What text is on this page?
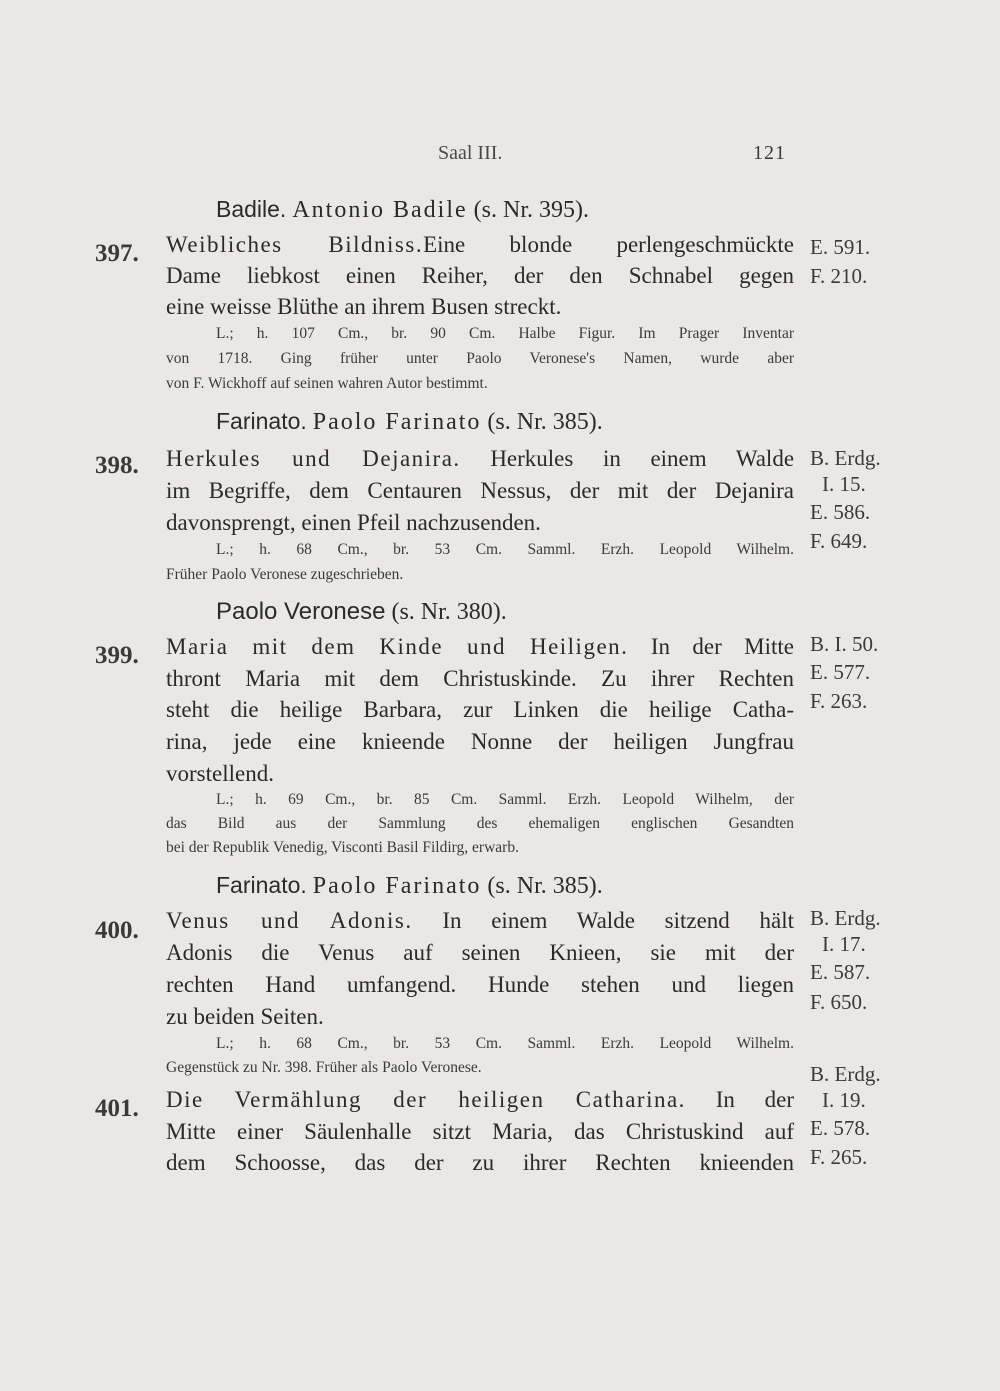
Saal III.	121
Badile. Antonio Badile (s. Nr. 395).
397. Weibliches Bildniss.Eine blonde perlengeschmückte
Dame liebkost einen Reiher, der den Schnabel gegen
eine weisse Blüthe an ihrem Busen streckt.
L.; h. 107 Cm., br. 90 Cm. Halbe Figur. Im Prager Inventar
von 1718. Ging früher unter Paolo Veronese's Namen, wurde aber
von F. Wickhoff auf seinen wahren Autor bestimmt.
E. 591.
F. 210.
Farinato. Paolo Farinato (s. Nr. 385).
398. Herkules und Dejanira. Herkules in einem Walde
im Begriffe, dem Centauren Nessus, der mit der Dejanira
davonsprengt, einen Pfeil nachzusenden.
L.; h. 68 Cm., br. 53 Cm. Samml. Erzh. Leopold Wilhelm.
Früher Paolo Veronese zugeschrieben.
B. Erdg.
I. 15.
E. 586.
F. 649.
Paolo Veronese (s. Nr. 380).
399. Maria mit dem Kinde und Heiligen. In der Mitte
thront Maria mit dem Christuskinde. Zu ihrer Rechten
steht die heilige Barbara, zur Linken die heilige Catha-
rina, jede eine knieende Nonne der heiligen Jungfrau
vorstellend.
L.; h. 69 Cm., br. 85 Cm. Samml. Erzh. Leopold Wilhelm, der
das Bild aus der Sammlung des ehemaligen englischen Gesandten
bei der Republik Venedig, Visconti Basil Fildirg, erwarb.
B. I. 50.
E. 577.
F. 263.
Farinato. Paolo Farinato (s. Nr. 385).
400. Venus und Adonis. In einem Walde sitzend hält
Adonis die Venus auf seinen Knieen, sie mit der
rechten Hand umfangend. Hunde stehen und liegen
zu beiden Seiten.
L.; h. 68 Cm., br. 53 Cm. Samml. Erzh. Leopold Wilhelm.
Gegenstück zu Nr. 398. Früher als Paolo Veronese.
B. Erdg.
I. 17.
E. 587.
F. 650.
401. Die Vermählung der heiligen Catharina. In der
Mitte einer Säulenhalle sitzt Maria, das Christuskind auf
dem Schoosse, das der zu ihrer Rechten knieenden
B. Erdg.
I. 19.
E. 578.
F. 265.
